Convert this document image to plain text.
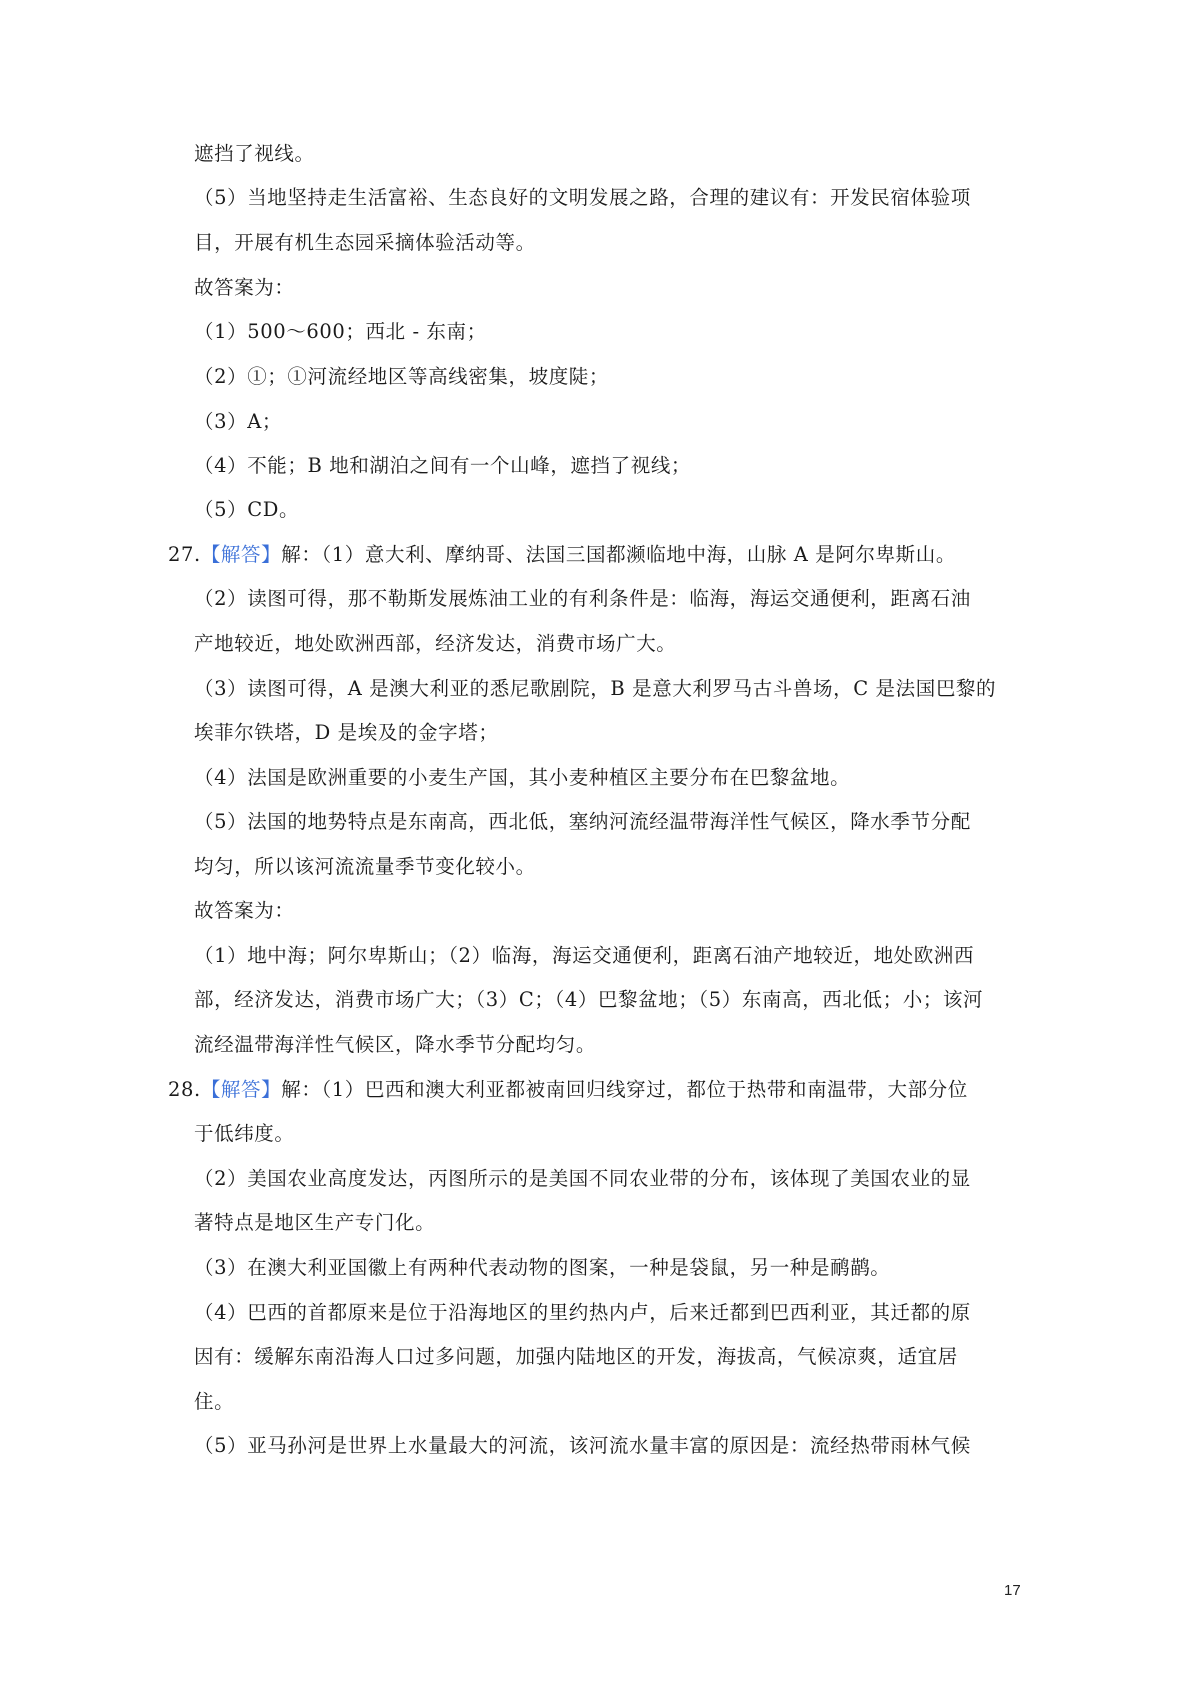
遮挡了视线。
（5）当地坚持走生活富裕、生态良好的文明发展之路，合理的建议有：开发民宿体验项
目，开展有机生态园采摘体验活动等。
故答案为：
（1）500～600；西北 - 东南；
（2）①；①河流经地区等高线密集，坡度陡；
（3）A；
（4）不能；B 地和湖泊之间有一个山峰，遮挡了视线；
（5）CD。
27.【解答】解：（1）意大利、摩纳哥、法国三国都濒临地中海，山脉 A 是阿尔卑斯山。
（2）读图可得，那不勒斯发展炼油工业的有利条件是：临海，海运交通便利，距离石油
产地较近，地处欧洲西部，经济发达，消费市场广大。
（3）读图可得，A 是澳大利亚的悉尼歌剧院，B 是意大利罗马古斗兽场，C 是法国巴黎的
埃菲尔铁塔，D 是埃及的金字塔；
（4）法国是欧洲重要的小麦生产国，其小麦种植区主要分布在巴黎盆地。
（5）法国的地势特点是东南高，西北低，塞纳河流经温带海洋性气候区，降水季节分配
均匀，所以该河流流量季节变化较小。
故答案为：
（1）地中海；阿尔卑斯山；（2）临海，海运交通便利，距离石油产地较近，地处欧洲西
部，经济发达，消费市场广大；（3）C；（4）巴黎盆地；（5）东南高，西北低；小；该河
流经温带海洋性气候区，降水季节分配均匀。
28.【解答】解：（1）巴西和澳大利亚都被南回归线穿过，都位于热带和南温带，大部分位
于低纬度。
（2）美国农业高度发达，丙图所示的是美国不同农业带的分布，该体现了美国农业的显
著特点是地区生产专门化。
（3）在澳大利亚国徽上有两种代表动物的图案，一种是袋鼠，另一种是鸸鹋。
（4）巴西的首都原来是位于沿海地区的里约热内卢，后来迁都到巴西利亚，其迁都的原
因有：缓解东南沿海人口过多问题，加强内陆地区的开发，海拔高，气候凉爽，适宜居
住。
（5）亚马孙河是世界上水量最大的河流，该河流水量丰富的原因是：流经热带雨林气候
17
